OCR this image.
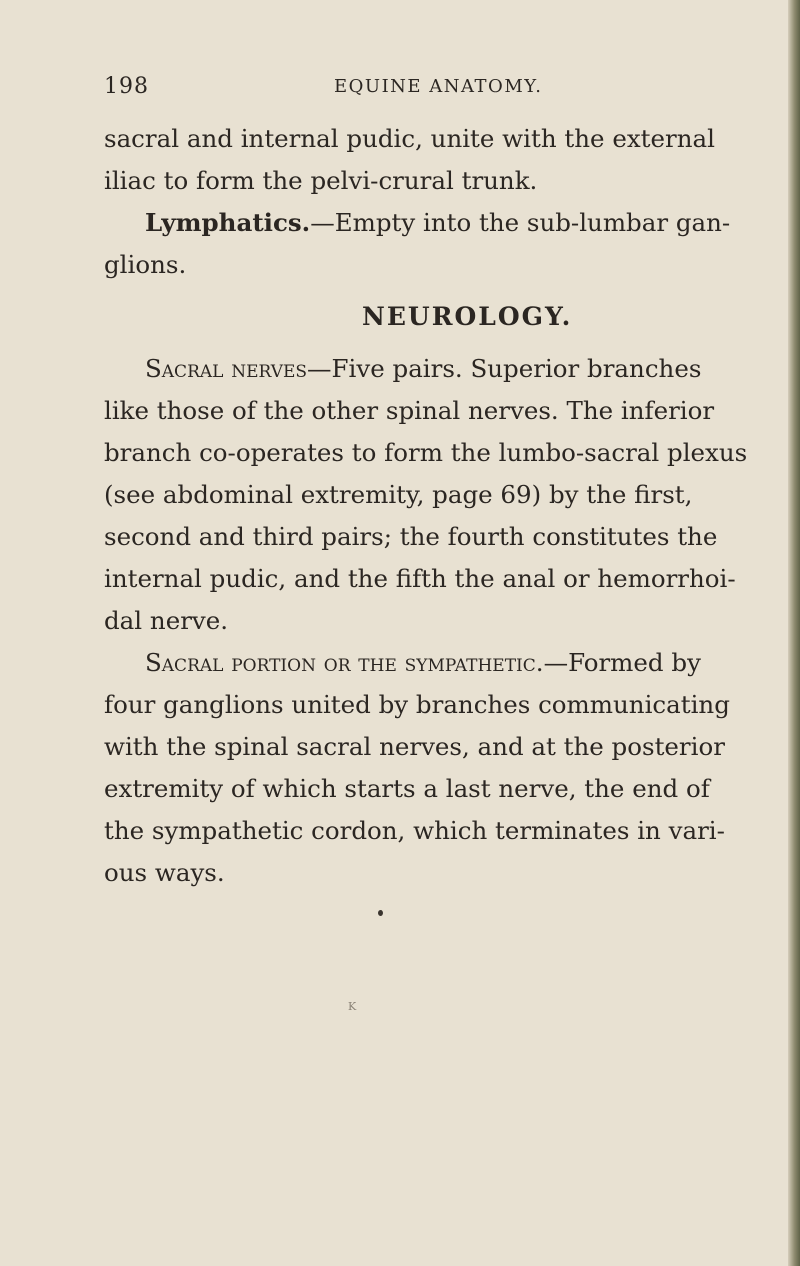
198	EQUINE ANATOMY.
sacral and internal pudic, unite with the external
iliac to form the pelvi-crural trunk.
Lymphatics.—Empty into the sub-lumbar gan-
glions.
NEUROLOGY.
Sacral nerves—Five pairs. Superior branches
like those of the other spinal nerves. The inferior
branch co-operates to form the lumbo-sacral plexus
(see abdominal extremity, page 69) by the first,
second and third pairs; the fourth constitutes the
internal pudic, and the fifth the anal or hemorrhoi-
dal nerve.
Sacral portion or the sympathetic.—Formed by
four ganglions united by branches communicating
with the spinal sacral nerves, and at the posterior
extremity of which starts a last nerve, the end of
the sympathetic cordon, which terminates in vari-
ous ways.
K
